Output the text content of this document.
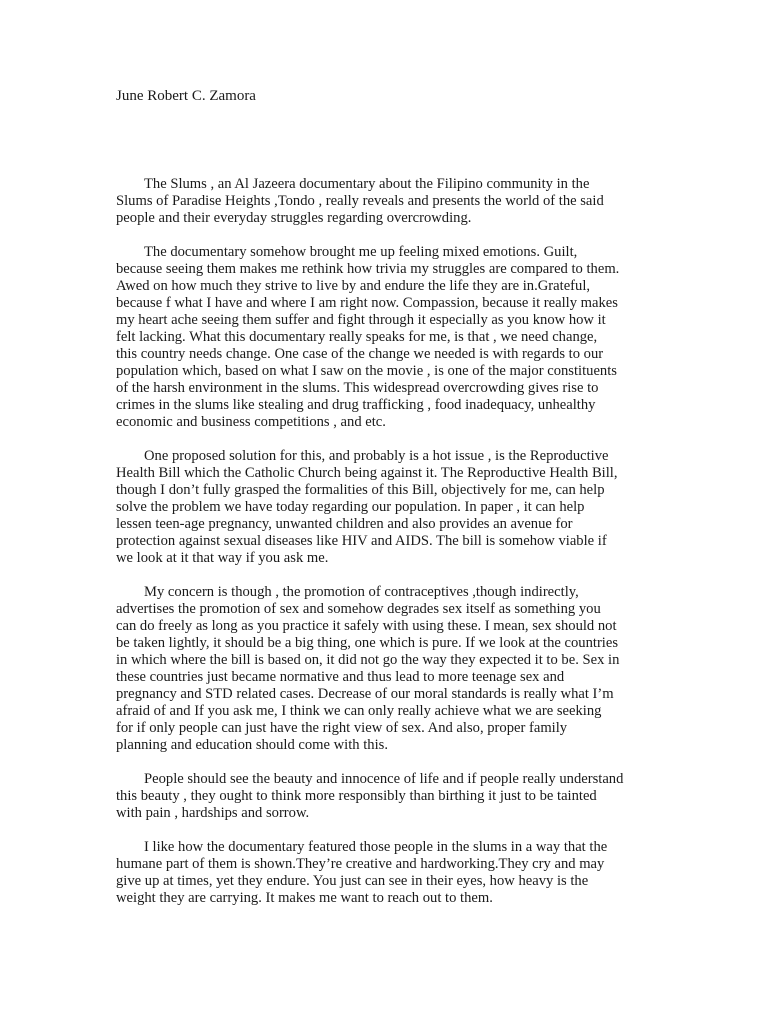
June Robert C. Zamora

The Slums , an Al Jazeera documentary about the Filipino community in the
Slums of Paradise Heights ,Tondo , really reveals and presents the world of the said
people and their everyday struggles regarding overcrowding.

The documentary somehow brought me up feeling mixed emotions. Guilt,
because seeing them makes me rethink how trivia my struggles are compared to them.
Awed on how much they strive to live by and endure the life they are in.Grateful,
because f what I have and where I am right now. Compassion, because it really makes
my heart ache seeing them suffer and fight through it especially as you know how it
felt lacking. What this documentary really speaks for me, is that , we need change,
this country needs change. One case of the change we needed is with regards to our
population which, based on what I saw on the movie , is one of the major constituents
of the harsh environment in the slums. This widespread overcrowding gives rise to
crimes in the slums like stealing and drug trafficking , food inadequacy, unhealthy
economic and business competitions , and etc.

One proposed solution for this, and probably is a hot issue , is the Reproductive
Health Bill which the Catholic Church being against it. The Reproductive Health Bill,
though I don’t fully grasped the formalities of this Bill, objectively for me, can help
solve the problem we have today regarding our population. In paper , it can help
lessen teen-age pregnancy, unwanted children and also provides an avenue for
protection against sexual diseases like HIV and AIDS. The bill is somehow viable if
we look at it that way if you ask me.

My concern is though , the promotion of contraceptives ,though indirectly,
advertises the promotion of sex and somehow degrades sex itself as something you
can do freely as long as you practice it safely with using these. I mean, sex should not
be taken lightly, it should be a big thing, one which is pure. If we look at the countries
in which where the bill is based on, it did not go the way they expected it to be. Sex in
these countries just became normative and thus lead to more teenage sex and
pregnancy and STD related cases. Decrease of our moral standards is really what I’m
afraid of and If you ask me, I think we can only really achieve what we are seeking
for if only people can just have the right view of sex. And also, proper family
planning and education should come with this.

People should see the beauty and innocence of life and if people really understand
this beauty , they ought to think more responsibly than birthing it just to be tainted
with pain , hardships and sorrow.

I like how the documentary featured those people in the slums in a way that the
humane part of them is shown.They’re creative and hardworking.They cry and may
give up at times, yet they endure. You just can see in their eyes, how heavy is the
weight they are carrying. It makes me want to reach out to them.
